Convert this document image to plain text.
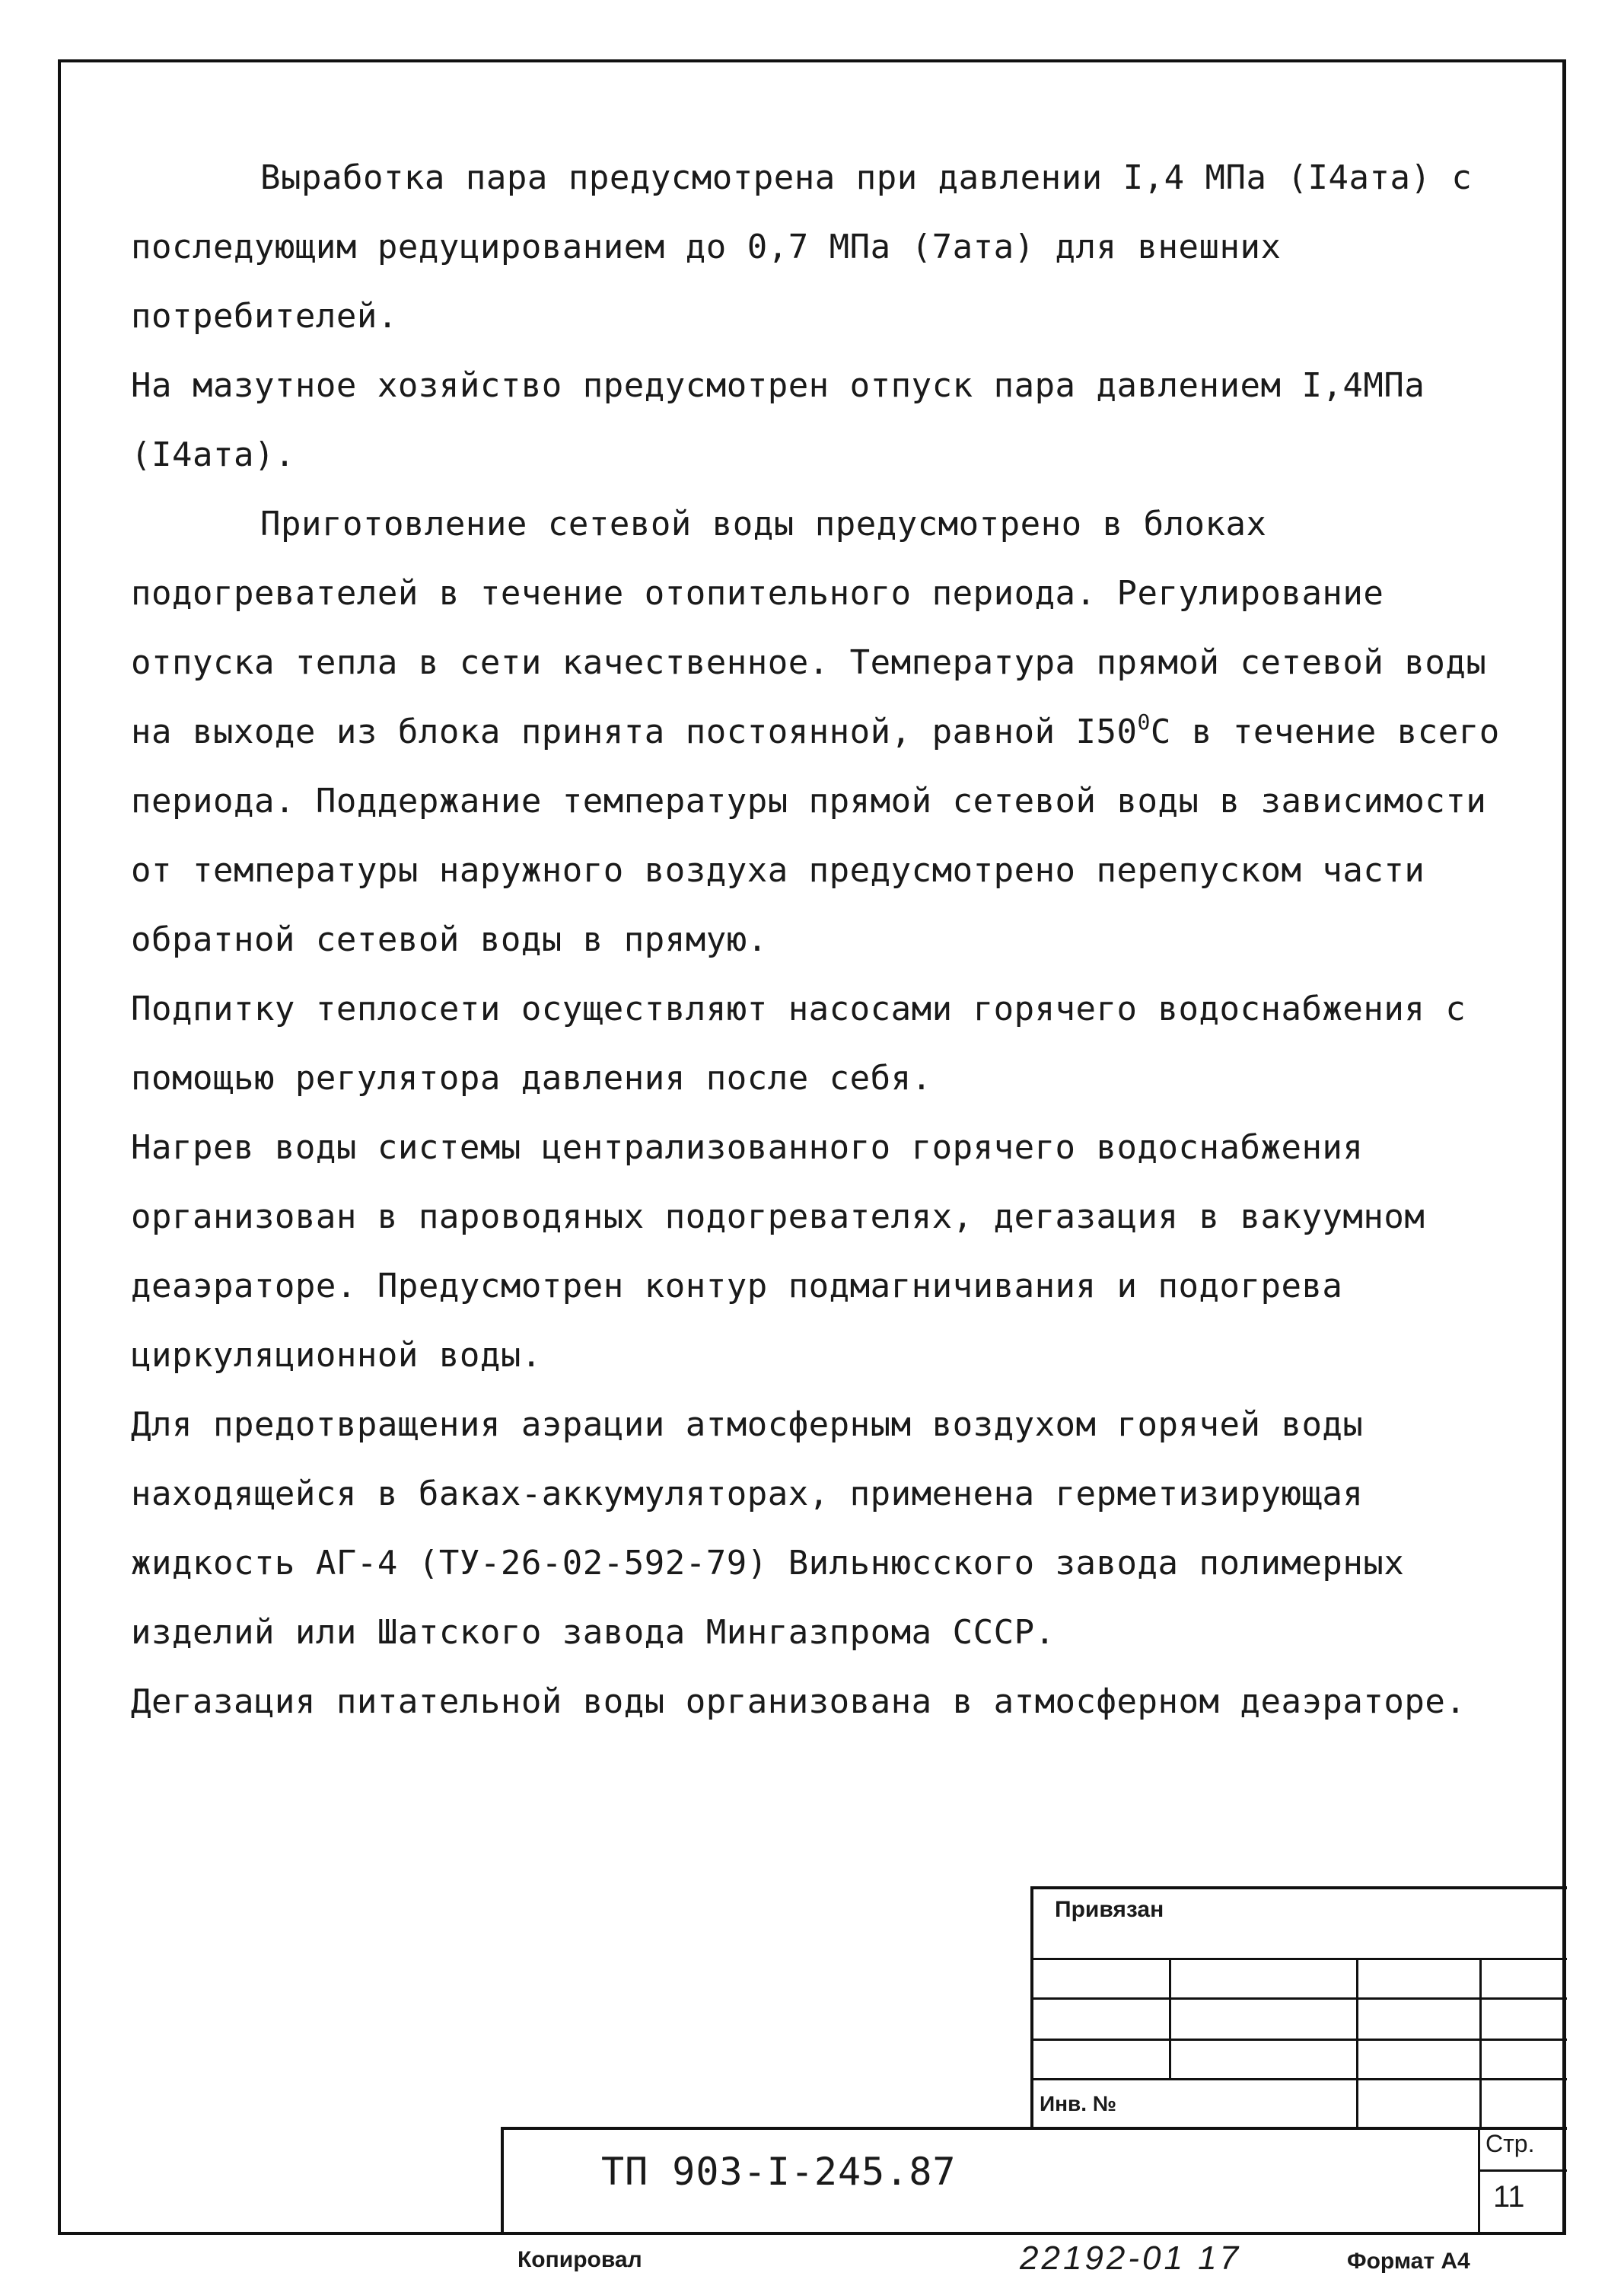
Выработка пара предусмотрена при давлении I,4 МПа (I4ата) с последующим редуцированием до 0,7 МПа (7ата) для внешних потребителей.

На мазутное хозяйство предусмотрен отпуск пара давлением I,4МПа (I4ата).

Приготовление сетевой воды предусмотрено в блоках подогревателей в течение отопительного периода. Регулирование отпуска тепла в сети качественное. Температура прямой сетевой воды на выходе из блока принята постоянной, равной $I50^0С$ в течение всего периода. Поддержание температуры прямой сетевой воды в зависимости от температуры наружного воздуха предусмотрено перепуском части обратной сетевой воды в прямую.

Подпитку теплосети осуществляют насосами горячего водоснабжения с помощью регулятора давления после себя.

Нагрев воды системы централизованного горячего водоснабжения организован в пароводяных подогревателях, дегазация в вакуумном деаэраторе. Предусмотрен контур подмагничивания и подогрева циркуляционной воды.

Для предотвращения аэрации атмосферным воздухом горячей воды находящейся в баках-аккумуляторах, применена герметизирующая жидкость АГ-4 (ТУ-26-02-592-79) Вильнюсского завода полимерных изделий или Шатского завода Мингазпрома СССР.

Дегазация питательной воды организована в атмосферном деаэраторе.

Привязан
Инв. №
ТП 903-I-245.87
Стр.
11
Копировал	22192-01 17	Формат А4
